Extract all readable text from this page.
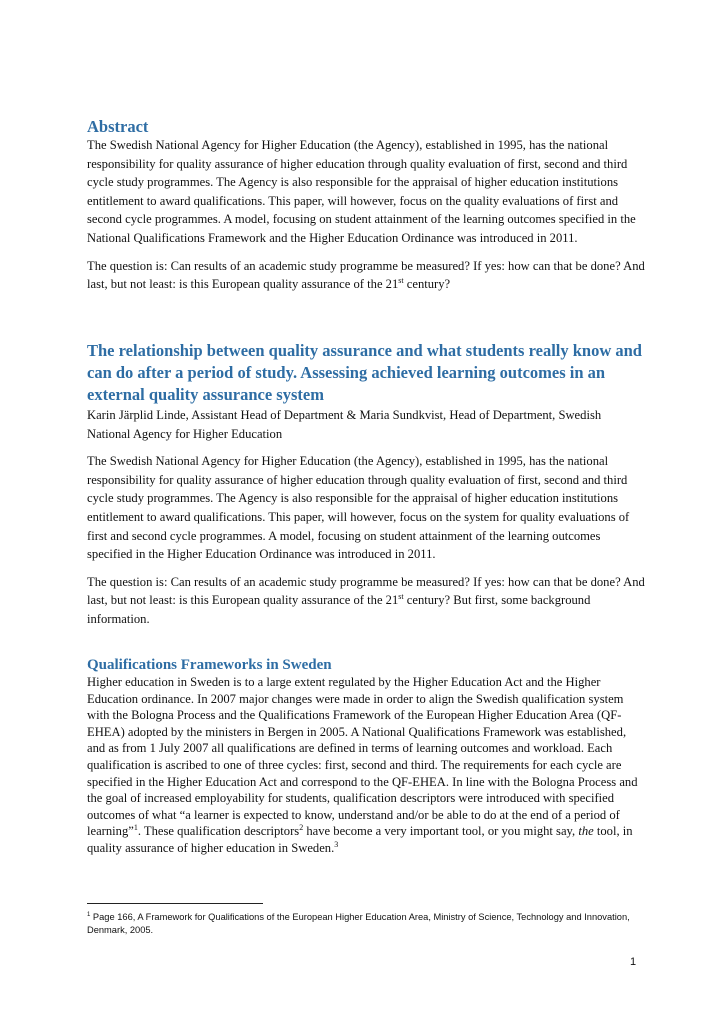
Abstract

The Swedish National Agency for Higher Education (the Agency), established in 1995, has the national responsibility for quality assurance of higher education through quality evaluation of first, second and third cycle study programmes. The Agency is also responsible for the appraisal of higher education institutions entitlement to award qualifications. This paper, will however, focus on the quality evaluations of first and second cycle programmes. A model, focusing on student attainment of the learning outcomes specified in the National Qualifications Framework and the Higher Education Ordinance was introduced in 2011.

The question is: Can results of an academic study programme be measured? If yes: how can that be done? And last, but not least: is this European quality assurance of the 21st century?

The relationship between quality assurance and what students really know and can do after a period of study. Assessing achieved learning outcomes in an external quality assurance system

Karin Järplid Linde, Assistant Head of Department & Maria Sundkvist, Head of Department, Swedish National Agency for Higher Education

The Swedish National Agency for Higher Education (the Agency), established in 1995, has the national responsibility for quality assurance of higher education through quality evaluation of first, second and third cycle study programmes. The Agency is also responsible for the appraisal of higher education institutions entitlement to award qualifications. This paper, will however, focus on the system for quality evaluations of first and second cycle programmes. A model, focusing on student attainment of the learning outcomes specified in the Higher Education Ordinance was introduced in 2011.

The question is: Can results of an academic study programme be measured? If yes: how can that be done? And last, but not least: is this European quality assurance of the 21st century? But first, some background information.

Qualifications Frameworks in Sweden

Higher education in Sweden is to a large extent regulated by the Higher Education Act and the Higher Education ordinance. In 2007 major changes were made in order to align the Swedish qualification system with the Bologna Process and the Qualifications Framework of the European Higher Education Area (QF-EHEA) adopted by the ministers in Bergen in 2005. A National Qualifications Framework was established, and as from 1 July 2007 all qualifications are defined in terms of learning outcomes and workload. Each qualification is ascribed to one of three cycles: first, second and third. The requirements for each cycle are specified in the Higher Education Act and correspond to the QF-EHEA. In line with the Bologna Process and the goal of increased employability for students, qualification descriptors were introduced with specified outcomes of what “a learner is expected to know, understand and/or be able to do at the end of a period of learning”$^1$. These qualification descriptors$^2$ have become a very important tool, or you might say, the tool, in quality assurance of higher education in Sweden.$^3$

$^1$ Page 166, A Framework for Qualifications of the European Higher Education Area, Ministry of Science, Technology and Innovation, Denmark, 2005.
1
